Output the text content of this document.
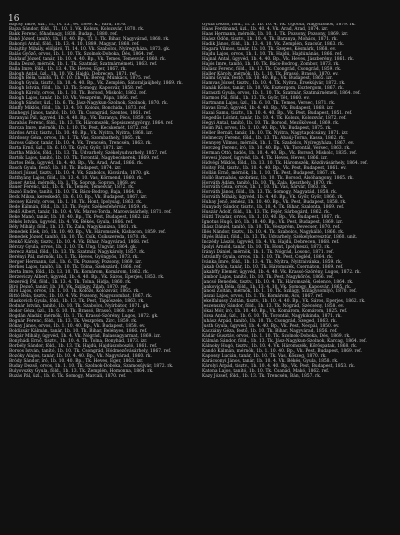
16
Bajcsy Imre, üzl., Tl., IV. 15., ev. 1899. k., Várd, 1876.
Bajza Sándor, föld., Tl., 10. 1. Vk. Kolozs, Kolozsvár, 1870. rk.
Bakk Ferenc, főhadnagy, 1838. Budap., 1880. ref.
Bakó József, tanító, 1b. 10. 40. Bp., Tl. 1. Tk. Bihar, Nagyvárad, 1868. rk.
Bakonyi Antal, föld., 1b. 13. 4. 10. 1889. Magyar, 1868. ref.
Balajthy Mihály, elöljáró, Tl. 14. 10. Vk. Szabolcs, Nyíregyháza, 1873. gk.
Balás Győző, orvos, 1b. 1. 10. Tk. Szolnok-Doboka, Dés, 1864. ref.
Baldauf József, tanár, 1b. 10. 4. 40. Bp., Vk. Temes, Temesvár, 1860. rk.
Balla Dezső, mérnök, 1b. 1. Tk. Szatmár, Szatmárnémeti, 1863. ref.
Balla Imre, föld., 1b. 13. 4. Tk. Heves, Eger, 1867. rk.
Balogh Antal, üzl., 1b. 10. Vk. Hajdú, Debrecen, 1871. ref.
Balogh Béla, tanító, Tl. 6. 10. 1b. Tk. Bereg, Munkács, 1875. ref.
Balogh Gyula, tisztv., 1b. 10. 4. 40. Bp., Vk. Zemplén, Sátoraljaújhely, 1869. rk.
Balogh István, föld., 1b. 13. Tk. Somogy, Kaposvár, 1858. ref.
Balogh Károly, orvos, 1b. 1. 10. Tk. Borsod, Miskolc, 1862. ref.
Balogh Lajos, tanár, 1b. 10. Vk. Veszprém, Pápa, 1866. ref.
Balogh Sándor, üzl., 1b. 6. Tk. Jász-Nagykun-Szolnok, Szolnok, 1870. rk.
Bánffy Miklós, föld., 1b. 13. 4. 10. Kolozs, Bonchida, 1873. ref.
Bánhegyi János, tanító, 1b. 10. Tk. Csongrád, Szentes, 1861. ref.
Baranyai Pál, ügyvéd, 1b. 4. 40. Bp., Vk. Baranya, Pécs, 1859. rk.
Barabás Ferenc, föld., 1b. 13. Tk. Háromszék, Sepsiszentgyörgy, 1864. ref.
Barcza Imre, mérnök, 1b. 1. 10. Tk. Pest, Kecskemét, 1872. ref.
Bárdos Artúr, tisztv., 1b. 10. 40. Bp., Vk. Nyitra, Nyitra, 1868. izr.
Bárdossy Géza, orvos, 1b. 1. Tk. Vas, Szombathely, 1865. rk.
Baross Gábor, tanár, 1b. 10. 4. Vk. Trencsén, Trencsén, 1863. rk.
Barta Ernő, üzl., 1b. 6. 10. Tk. Győr, Győr, 1871. izr.
Bartha Miklós, föld., 1b. 13. Tk. Udvarhely, Székelyudvarhely, 1857. ref.
Bartók Lajos, tanító, 1b. 10. Tk. Torontál, Nagybecskerek, 1869. ref.
Bartos Béla, ügyvéd, 1b. 4. 40. Bp., Vk. Arad, Arad, 1866. rk.
Basch Gyula, festő, 1b. 10. Tk. Budapest, 1874. izr.
Bátori József, tisztv., 1b. 10. 4. Vk. Szabolcs, Kisvárda, 1870. gk.
Batthyány Lajos, föld., 1b. 13. 4. 10. Vas, Körmend, 1860. rk.
Bauer Antal, mérnök, 1b. 1. Tk. Sopron, Sopron, 1868. ev.
Bauer Ferenc, üzl., 1b. 6. Tk. Temes, Temesvár, 1872. rk.
Bazsó Endre, tanító, 1b. 10. Tk. Bács-Bodrog, Baja, 1864. rk.
Beck Miksa, kereskedő, 1b. 6. 10. Bp., Vk. Budapest, 1867. izr.
Becsey Károly, orvos, 1b. 1. 10. Tk. Hont, Ipolyság, 1863. rk.
Bede Kálmán, föld., 1b. 13. Tk. Fejér, Székesfehérvár, 1859. rk.
Bedő Albert, tanár, 1b. 10. 4. Vk. Maros-Torda, Marosvásárhely, 1871. ref.
Beke Manó, tanár, 1b. 10. 40. Bp., Tk. Pest, Budapest, 1862. izr.
Békés István, ügyvéd, 1b. 4. Vk. Békés, Gyula, 1866. ref.
Bély Mihály, föld., 1b. 13. Tk. Zala, Nagykanizsa, 1861. rk.
Benedek Elek, író, 1b. 10. 40. Bp., Vk. Háromszék, Kisbacon, 1859. ref.
Benedek József, tanító, 1b. 10. Tk. Csík, Csíkszereda, 1870. rk.
Benkő Károly, tisztv., 1b. 10. 4. Vk. Bihar, Nagyvárad, 1868. ref.
Bérczy Gyula, orvos, 1b. 1. 10. Tk. Ung, Ungvár, 1864. gk.
Berecz Antal, föld., 1b. 13. Tk. Szatmár, Nagykároly, 1857. rk.
Berényi Pál, mérnök, 1b. 1. Tk. Heves, Gyöngyös, 1873. rk.
Berger Hermann, üzl., 1b. 6. Tk. Pozsony, Pozsony, 1869. izr.
Berkes Lajos, tanító, 1b. 10. Tk. Tolna, Szekszárd, 1866. ref.
Berta Imre, föld., 1b. 13. 10. Tk. Komárom, Komárom, 1862. rk.
Berzeviczy Albert, ügyvéd, 1b. 4. 40. Bp., Vk. Sáros, Eperjes, 1853. rk.
Bezerédj Pál, föld., 1b. 13. 4. Tk. Tolna, Hidja, 1860. rk.
Bíró Dezső, tanár, 1b. 10. Vk. Szilágy, Zilah, 1870. ref.
Bíró Lajos, orvos, 1b. 1. 10. Tk. Kolozs, Kolozsvár, 1865. rk.
Bittó Béla, tisztv., 1b. 10. 4. Vk. Pozsony, Nagyszombat, 1867. rk.
Blaskovich Gyula, föld., 1b. 13. Tk. Pest, Tápiószele, 1863. rk.
Bodnár István, tanító, 1b. 10. Tk. Szabolcs, Nyírbátor, 1871. gk.
Bodor Géza, üzl., 1b. 6. 10. Tk. Brassó, Brassó, 1868. ref.
Bogdán Aladár, mérnök, 1b. 1. Tk. Krassó-Szörény, Lugos, 1872. gk.
Bognár Ferenc, föld., 1b. 13. Tk. Veszprém, Zirc, 1859. rk.
Bókay János, orvos, 1b. 1. 10. 40. Bp., Vk. Budapest, 1858. ev.
Boldizsár Kálmán, tanár, 1b. 10. Tk. Bihar, Belényes, 1866. ref.
Bolgár Mihály, ügyvéd, 1b. 4. Vk. Nógrád, Balassagyarmat, 1869. izr.
Bonyhádi Ernő, tisztv., 1b. 10. 4. Tk. Tolna, Bonyhád, 1873. izr.
Borbély Sándor, föld., 1b. 13. Tk. Hajdú, Hajdúszoboszló, 1861. ref.
Borsos István, tanító, 1b. 10. Tk. Csongrád, Hódmezővásárhely, 1867. ref.
Bozóky Alajos, tanár, 1b. 10. 4. 40. Bp., Vk. Nagyvárad, 1860. rk.
Bródy Sándor, író, 1b. 10. 40. Bp., Tk. Heves, Eger, 1863. izr.
Buday Dezső, orvos, 1b. 1. 10. Tk. Szolnok-Doboka, Szamosújvár, 1872. rk.
Bulyovszky Gyula, föld., 1b. 13. Tk. Zemplén, Homonna, 1864. rk.
Buzás Pál, üzl., 1b. 6. Tk. Somogy, Marcali, 1870. ref.
Gyula Dezső, föld., Tl. 5. 1b. 10. 4. Vk. Ugocsa, Nagyszőllős, 1879. rk.
Haas Ferdinand, üzl., 1b. 40. 4. Vk. Arad, Arad, 1874. izr.
Haas Hermann, mérnök, 1b. 10. 1. Tk. Pozsony, Pozsony, 1869. izr.
Haász Ödön, tisztv., 1b. 10. 4. Tk. Baranya, Mohács, 1871. rk.
Hadik János, föld., 1b. 13. 4. 10. Vk. Zemplén, Szacsúr, 1863. rk.
Hagara Vilmos, tanár, 1b. 10. Tk. Szepes, Késmárk, 1868. ev.
Hajdu Lajos, orvos, 1b. 1. 10. Tk. Hajdú, Hajdúnánás, 1866. ref.
Hajnal Antal, ügyvéd, 1b. 4. 40. Bp., Vk. Heves, Jászberény, 1861. rk.
Hajós Imre, tanító, 1b. 10. Tk. Bács-Bodrog, Zombor, 1873. rk.
Halász Ferenc, föld., 1b. 13. Tk. Csongrád, Csongrád, 1859. rk.
Haller Károly, mérnök, 1b. 1. 10. Tk. Brassó, Brassó, 1870. ev.
Halmi Gyula, festő, 1b. 10. 40. Bp., Vk. Budapest, 1865. izr.
Hamvas József, tisztv., 1b. 10. 4. Tk. Nyitra, Érsekújvár, 1872. rk.
Hanák Kolos, tanár, 1b. 10. Vk. Esztergom, Esztergom, 1867. rk.
Haraszti Gyula, orvos, 1b. 1. 10. Tk. Szatmár, Szatmárnémeti, 1864. ref.
Harmos Pál, föld., 1b. 13. Tk. Győr, Tét, 1860. ev.
Hartmann Lajos, üzl., 1b. 6. 10. Tk. Temes, Versec, 1871. rk.
Havas Ernő, ügyvéd, 1b. 4. 40. Bp., Vk. Budapest, 1868. izr.
Hazai Samu, tisztv., 1b. 10. 4. 40. Bp., Vk. Pest, Budapest, 1851. ref.
Hegedűs Lóránt, tanár, 1b. 10. 4. Tk. Kolozs, Kolozsvár, 1872. ref.
Hegyi Antal, tanító, 1b. 10. Tk. Borsod, Mezőkövesd, 1869. rk.
Heim Pál, orvos, 1b. 1. 10. 40. Bp., Vk. Budapest, 1875. rk.
Heller Bernát, tanár, 1b. 10. Tk. Nyitra, Nagytapolcsány, 1871. izr.
Helmeczy Ferenc, föld., 1b. 13. Tk. Abaúj-Torna, Kassa, 1862. rk.
Hennyey Vilmos, mérnök, 1b. 1. Tk. Szabolcs, Nyíregyháza, 1867. ev.
Herczeg Ferenc, író, 1b. 10. 40. Bp., Vk. Torontál, Versec, 1863. rk.
Herman Ottó, tudós, 1b. 10. 4. 40. Bp., Vk. Borsod, Miskolc, 1835. ref.
Hevesi József, ügyvéd, 1b. 4. Tk. Heves, Heves, 1866. izr.
Hidvégi Miklós, föld., 1b. 13. 10. Tk. Háromszék, Kézdivásárhely, 1864. ref.
Hoitsy Pál, tisztv., 1b. 10. 4. 40. Bp., Vk. Pest, Budapest, 1861. ev.
Hollán Ernő, mérnök, 1b. 1. 10. Tk. Pest, Budapest, 1867. rk.
Holló Barnabás, szobrász, 1b. 10. Tk. Borsod, Alsóhangony, 1865. rk.
Horváth Ádám, tanító, 1b. 10. Tk. Zala, Keszthely, 1870. rk.
Horváth Géza, orvos, 1b. 1. 10. Tk. Vas, Sárvár, 1863. rk.
Horváth János, föld., 1b. 13. Tk. Somogy, Nagyatád, 1858. rk.
Horváth Mihály, ügyvéd, 1b. 4. 40. Bp., Vk. Győr, Győr, 1866. rk.
Hubay Jenő, zenész, 1b. 10. 40. Bp., Vk. Pest, Budapest, 1858. rk.
Hunyady Sándor, tisztv., 1b. 10. 4. Tk. Bihar, Szalonta, 1869. ref.
Huszár Adolf, föld., 1b. 13. Tk. Fejér, Sárbogárd, 1862. rk.
Hüttl Tivadar, orvos, 1b. 1. 10. 40. Bp., Vk. Budapest, 1867. rk.
Ignotus Hugó, író, 1b. 10. 40. Bp., Vk. Pest, Budapest, 1869. izr.
Ihász Dániel, tanító, 1b. 10. Tk. Veszprém, Devecser, 1870. ref.
Illés Nándor, tisztv., 1b. 10. 4. Tk. Szabolcs, Nagykálló, 1866. rk.
Illyés Bálint, föld., 1b. 13. Tk. Udvarhely, Székelykeresztúr, 1860. unit.
Inczédy László, ügyvéd, 1b. 4. Vk. Hajdú, Debrecen, 1868. ref.
Ipolyi Arnold, tanár, 1b. 10. Tk. Hont, Ipolykeszi, 1873. rk.
Irányi Dániel, mérnök, 1b. 1. Tk. Nógrád, Losonc, 1871. ref.
Istvánffy Gyula, orvos, 1b. 1. 10. Tk. Pest, Cegléd, 1864. rk.
Ivánka Imre, föld., 1b. 13. 4. Tk. Nyitra, Nyitraivánka, 1859. rk.
Jakab Ödön, tanár, 1b. 10. Tk. Háromszék, Csernáton, 1869. ref.
Jakabffy Elemér, ügyvéd, 1b. 4. 40. Vk. Krassó-Szörény, Lugos, 1872. rk.
Jámbor Lajos, tanító, 1b. 10. Tk. Pest, Nagykőrös, 1866. ref.
Jancsó Benedek, tisztv., 1b. 10. 4. Tk. Háromszék, Gelence, 1864. rk.
Jankovich Béla, föld., 1b. 13. 4. 10. Vk. Somogy, Kaposvár, 1865. rk.
Jánosi Zoltán, mérnök, 1b. 1. 10. Tk. Szilágy, Szilágysomlyó, 1870. ref.
Jászai Lajos, orvos, 1b. 1. Tk. Komárom, Ács, 1867. ref.
Jekelfalussy Zoltán, tisztv., 1b. 10. 4. 40. Bp., Vk. Sáros, Eperjes, 1862. rk.
Jeszenszky Sándor, föld., 1b. 13. Tk. Nógrád, Szécsény, 1858. ev.
Jókai Mór, író, 1b. 10. 40. Bp., Vk. Komárom, Komárom, 1825. ref.
Józsa Antal, üzl., 1b. 6. 10. Tk. Torontál, Nagykikinda, 1871. rk.
Juhász Árpád, tanító, 1b. 10. Tk. Csongrád, Szeged, 1863. rk.
Justh Gyula, ügyvéd, 1b. 4. 40. Bp., Vk. Pest, Necpál, 1850. ev.
Kacziány Géza, festő, 1b. 10. Tk. Bihar, Nagyvárad, 1856. ref.
Kádár Gusztáv, orvos, 1b. 1. 10. Tk. Szolnok-Doboka, Dés, 1869. rk.
Kálmán Sándor, föld., 1b. 13. Tk. Jász-Nagykun-Szolnok, Karcag, 1864. ref.
Kálnoky Hugó, tisztv., 1b. 10. 4. Vk. Háromszék, Kőröspatak, 1868. rk.
Kandó Kálmán, mérnök, 1b. 1. 10. 40. Bp., Vk. Pest, Budapest, 1869. ref.
Kapossy Lucián, tanár, 1b. 10. Tk. Vas, Kőszeg, 1870. rk.
Karácsonyi János, tanár, 1b. 10. 4. Vk. Békés, Gyula, 1858. rk.
Károlyi Árpád, tisztv., 1b. 10. 4. 40. Bp., Vk. Pest, Budapest, 1853. rk.
Katona Lajos, tanító, 1b. 10. Tk. Csanád, Makó, 1862. ref.
Kazy József, föld., 1b. 13. Tk. Trencsén, Bán, 1857. rk.
